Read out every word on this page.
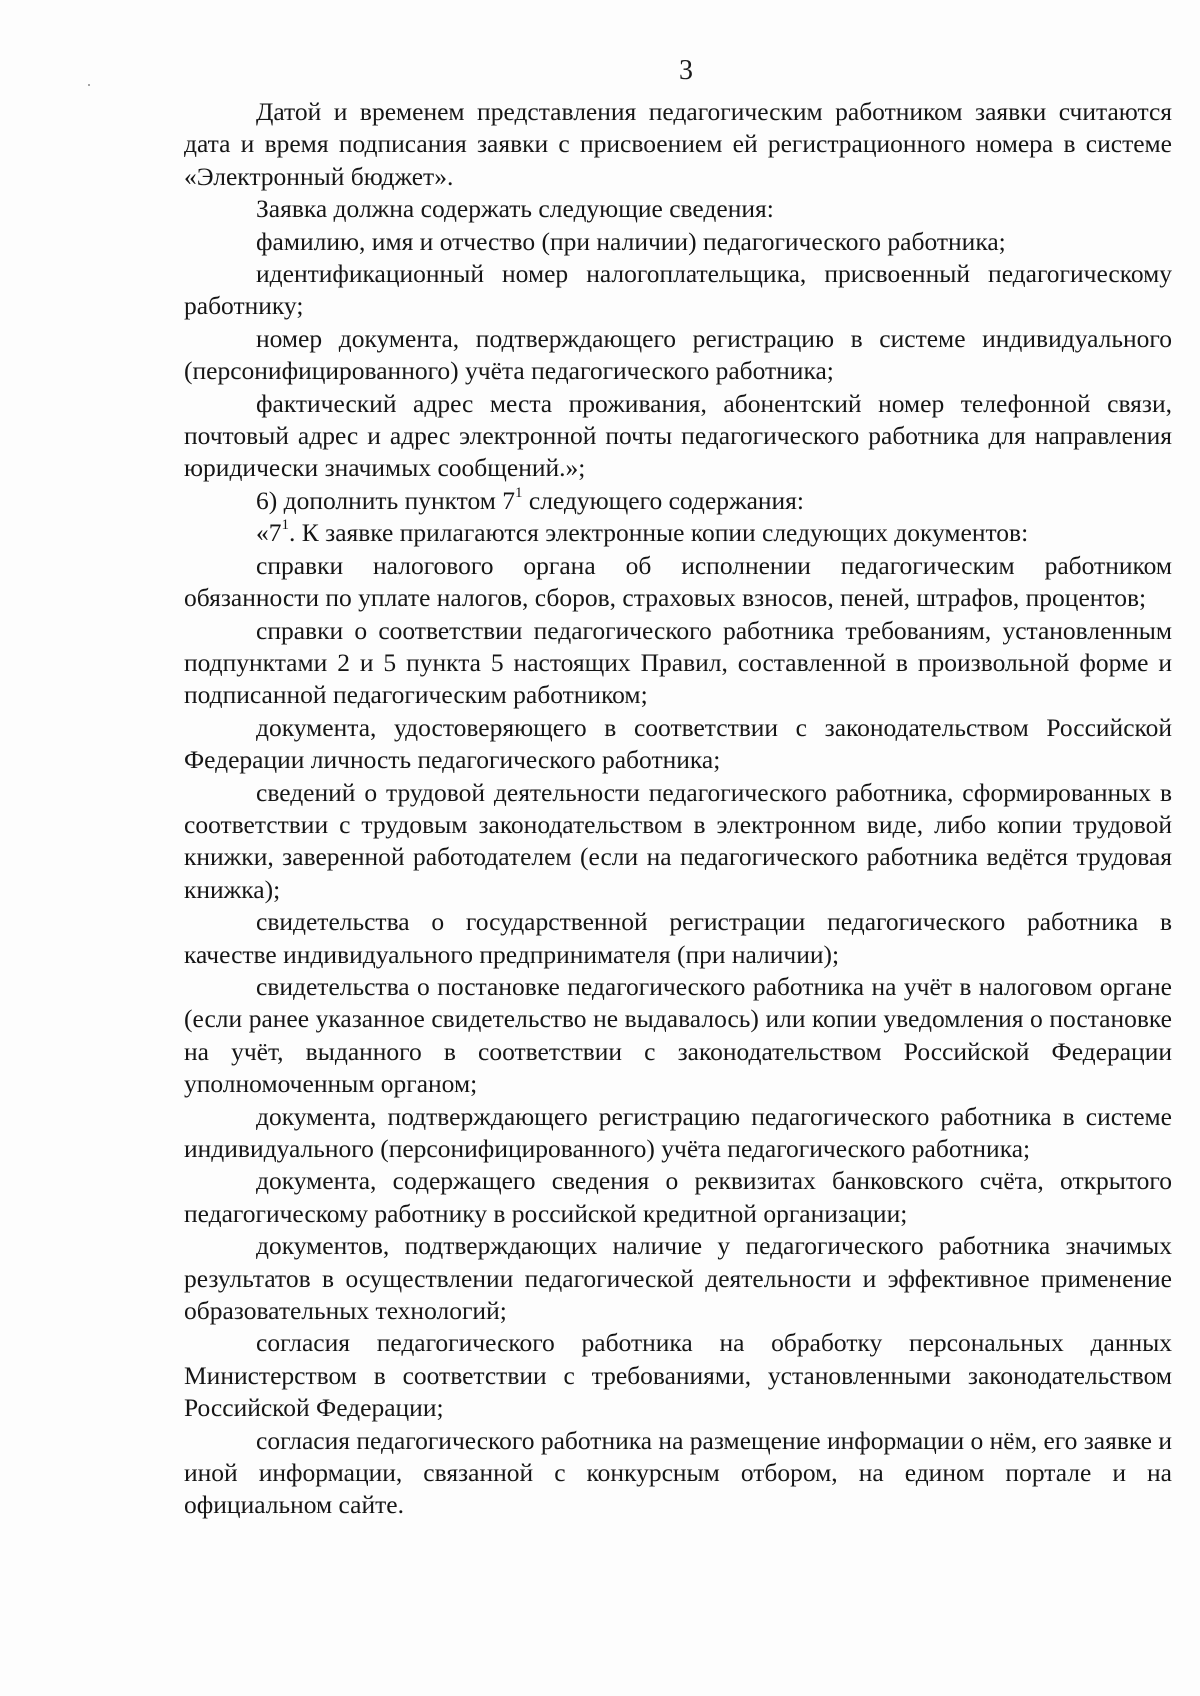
3

Датой и временем представления педагогическим работником заявки считаются дата и время подписания заявки с присвоением ей регистрационного номера в системе «Электронный бюджет».

Заявка должна содержать следующие сведения:

фамилию, имя и отчество (при наличии) педагогического работника;

идентификационный номер налогоплательщика, присвоенный педагогическому работнику;

номер документа, подтверждающего регистрацию в системе индивидуального (персонифицированного) учёта педагогического работника;

фактический адрес места проживания, абонентский номер телефонной связи, почтовый адрес и адрес электронной почты педагогического работника для направления юридически значимых сообщений.»;

6) дополнить пунктом $7^1$ следующего содержания:

«$7^1$. К заявке прилагаются электронные копии следующих документов:

справки налогового органа об исполнении педагогическим работником обязанности по уплате налогов, сборов, страховых взносов, пеней, штрафов, процентов;

справки о соответствии педагогического работника требованиям, установленным подпунктами 2 и 5 пункта 5 настоящих Правил, составленной в произвольной форме и подписанной педагогическим работником;

документа, удостоверяющего в соответствии с законодательством Российской Федерации личность педагогического работника;

сведений о трудовой деятельности педагогического работника, сформированных в соответствии с трудовым законодательством в электронном виде, либо копии трудовой книжки, заверенной работодателем (если на педагогического работника ведётся трудовая книжка);

свидетельства о государственной регистрации педагогического работника в качестве индивидуального предпринимателя (при наличии);

свидетельства о постановке педагогического работника на учёт в налоговом органе (если ранее указанное свидетельство не выдавалось) или копии уведомления о постановке на учёт, выданного в соответствии с законодательством Российской Федерации уполномоченным органом;

документа, подтверждающего регистрацию педагогического работника в системе индивидуального (персонифицированного) учёта педагогического работника;

документа, содержащего сведения о реквизитах банковского счёта, открытого педагогическому работнику в российской кредитной организации;

документов, подтверждающих наличие у педагогического работника значимых результатов в осуществлении педагогической деятельности и эффективное применение образовательных технологий;

согласия педагогического работника на обработку персональных данных Министерством в соответствии с требованиями, установленными законодательством Российской Федерации;

согласия педагогического работника на размещение информации о нём, его заявке и иной информации, связанной с конкурсным отбором, на едином портале и на официальном сайте.
